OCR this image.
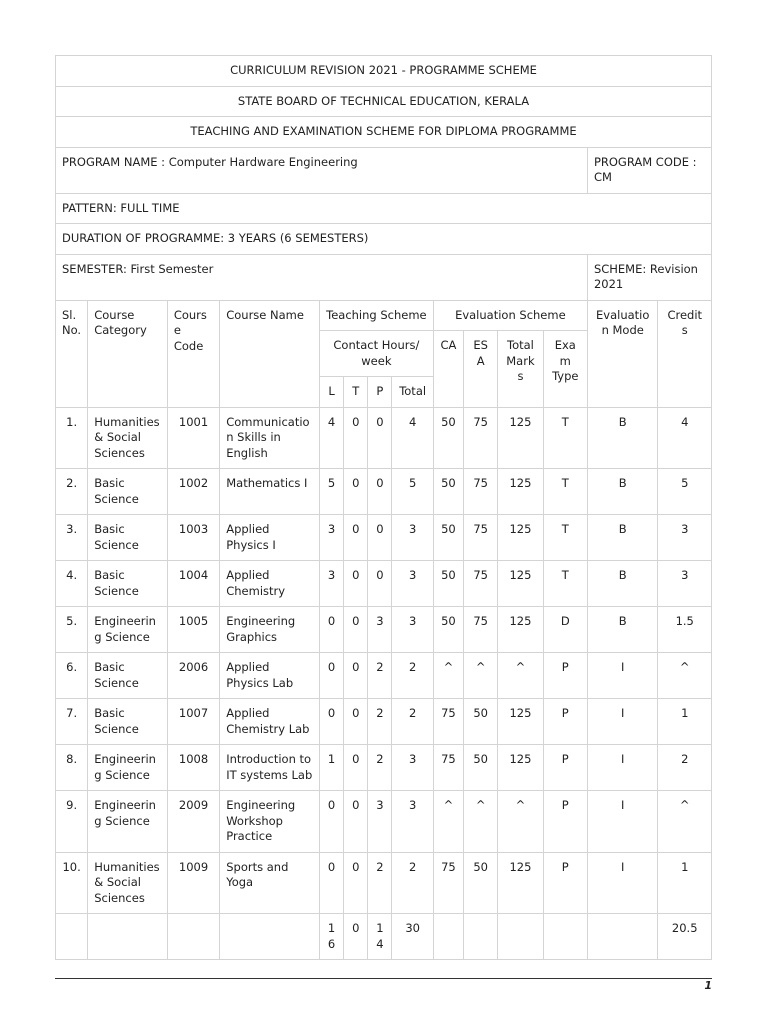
CURRICULUM REVISION 2021 - PROGRAMME SCHEME													
STATE BOARD OF TECHNICAL EDUCATION, KERALA													
TEACHING AND EXAMINATION SCHEME FOR DIPLOMA PROGRAMME													
PROGRAM NAME : Computer Hardware Engineering												PROGRAM CODE : CM	
PATTERN: FULL TIME													
DURATION OF PROGRAMME: 3 YEARS (6 SEMESTERS)													
SEMESTER: First Semester												SCHEME: Revision 2021	
Sl. No.	Course Category	Course Code	Course Name	Teaching Scheme				Evaluation Scheme				Evaluation Mode	Credits
				Contact Hours/ week				CA	ESA	Total Marks	Exam Type		
				L	T	P	Total						
1.	Humanities & Social Sciences	1001	Communication Skills in English	4	0	0	4	50	75	125	T	B	4
2.	Basic Science	1002	Mathematics I	5	0	0	5	50	75	125	T	B	5
3.	Basic Science	1003	Applied Physics I	3	0	0	3	50	75	125	T	B	3
4.	Basic Science	1004	Applied Chemistry	3	0	0	3	50	75	125	T	B	3
5.	Engineering Science	1005	Engineering Graphics	0	0	3	3	50	75	125	D	B	1.5
6.	Basic Science	2006	Applied Physics Lab	0	0	2	2	^	^	^	P	I	^
7.	Basic Science	1007	Applied Chemistry Lab	0	0	2	2	75	50	125	P	I	1
8.	Engineering Science	1008	Introduction to IT systems Lab	1	0	2	3	75	50	125	P	I	2
9.	Engineering Science	2009	Engineering Workshop Practice	0	0	3	3	^	^	^	P	I	^
10.	Humanities & Social Sciences	1009	Sports and Yoga	0	0	2	2	75	50	125	P	I	1
				16	0	14	30						20.5
1
